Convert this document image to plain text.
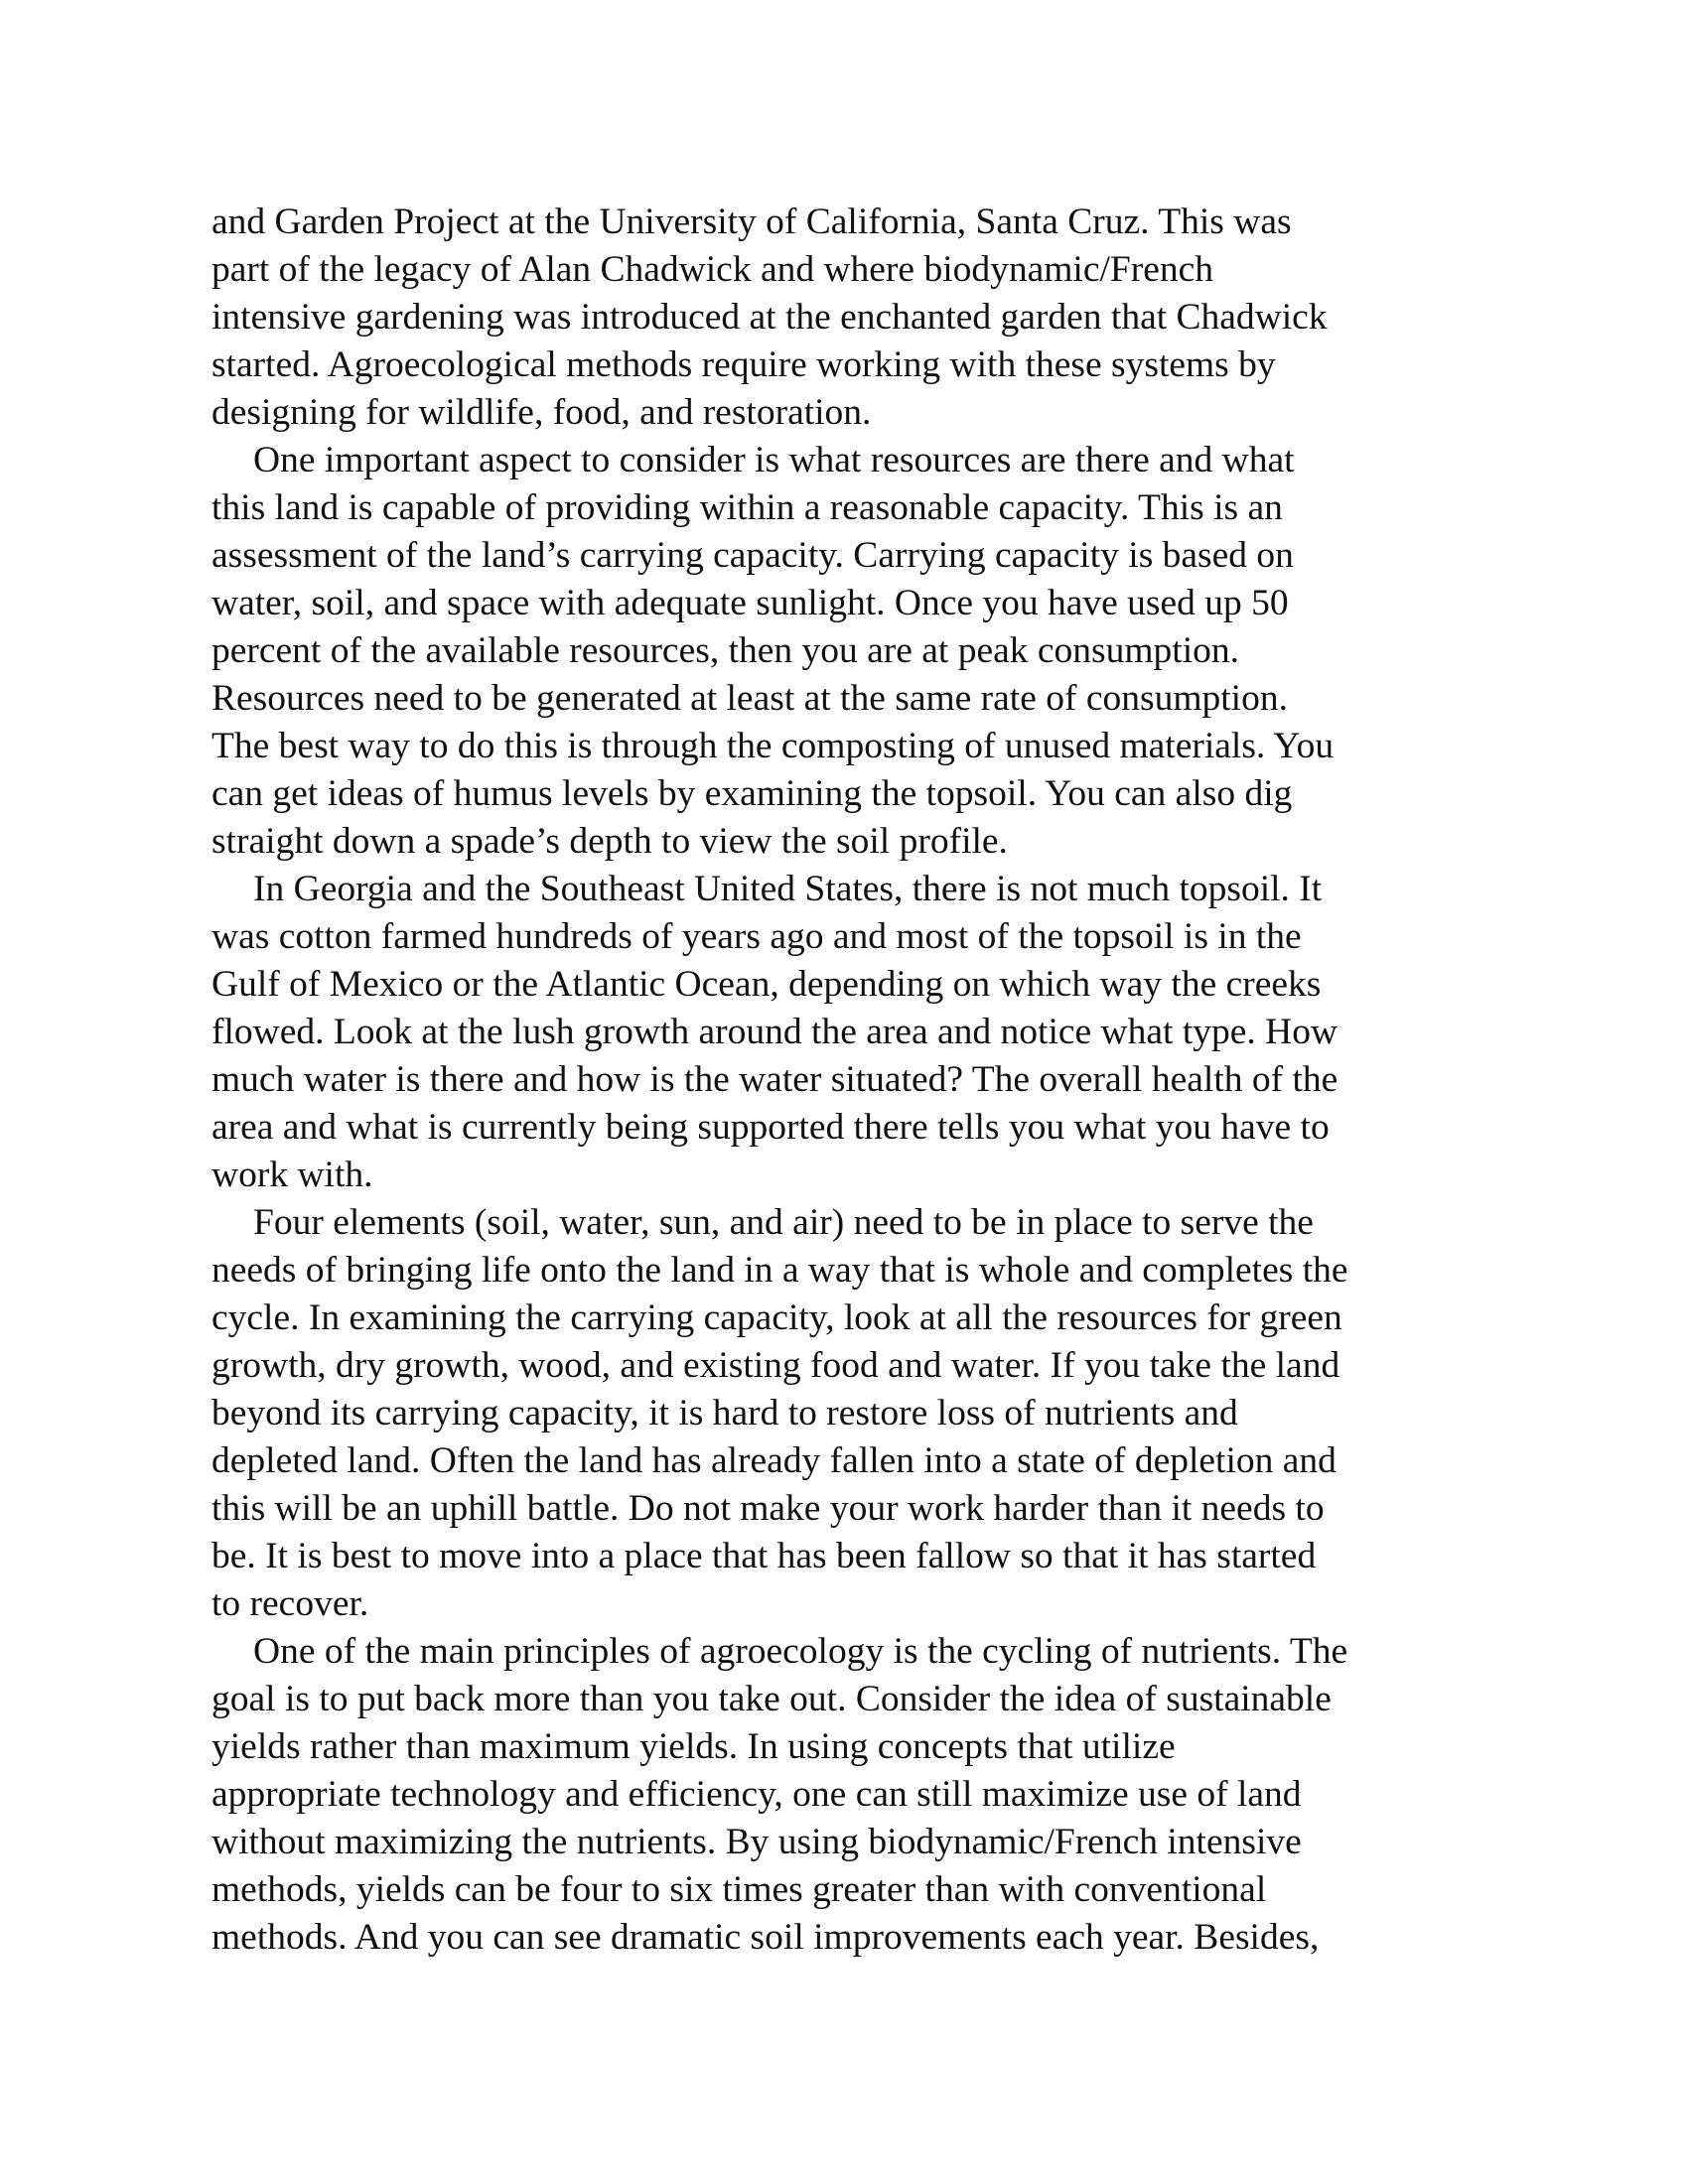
and Garden Project at the University of California, Santa Cruz. This was
part of the legacy of Alan Chadwick and where biodynamic/French
intensive gardening was introduced at the enchanted garden that Chadwick
started. Agroecological methods require working with these systems by
designing for wildlife, food, and restoration.
One important aspect to consider is what resources are there and what
this land is capable of providing within a reasonable capacity. This is an
assessment of the land’s carrying capacity. Carrying capacity is based on
water, soil, and space with adequate sunlight. Once you have used up 50
percent of the available resources, then you are at peak consumption.
Resources need to be generated at least at the same rate of consumption.
The best way to do this is through the composting of unused materials. You
can get ideas of humus levels by examining the topsoil. You can also dig
straight down a spade’s depth to view the soil profile.
In Georgia and the Southeast United States, there is not much topsoil. It
was cotton farmed hundreds of years ago and most of the topsoil is in the
Gulf of Mexico or the Atlantic Ocean, depending on which way the creeks
flowed. Look at the lush growth around the area and notice what type. How
much water is there and how is the water situated? The overall health of the
area and what is currently being supported there tells you what you have to
work with.
Four elements (soil, water, sun, and air) need to be in place to serve the
needs of bringing life onto the land in a way that is whole and completes the
cycle. In examining the carrying capacity, look at all the resources for green
growth, dry growth, wood, and existing food and water. If you take the land
beyond its carrying capacity, it is hard to restore loss of nutrients and
depleted land. Often the land has already fallen into a state of depletion and
this will be an uphill battle. Do not make your work harder than it needs to
be. It is best to move into a place that has been fallow so that it has started
to recover.
One of the main principles of agroecology is the cycling of nutrients. The
goal is to put back more than you take out. Consider the idea of sustainable
yields rather than maximum yields. In using concepts that utilize
appropriate technology and efficiency, one can still maximize use of land
without maximizing the nutrients. By using biodynamic/French intensive
methods, yields can be four to six times greater than with conventional
methods. And you can see dramatic soil improvements each year. Besides,
